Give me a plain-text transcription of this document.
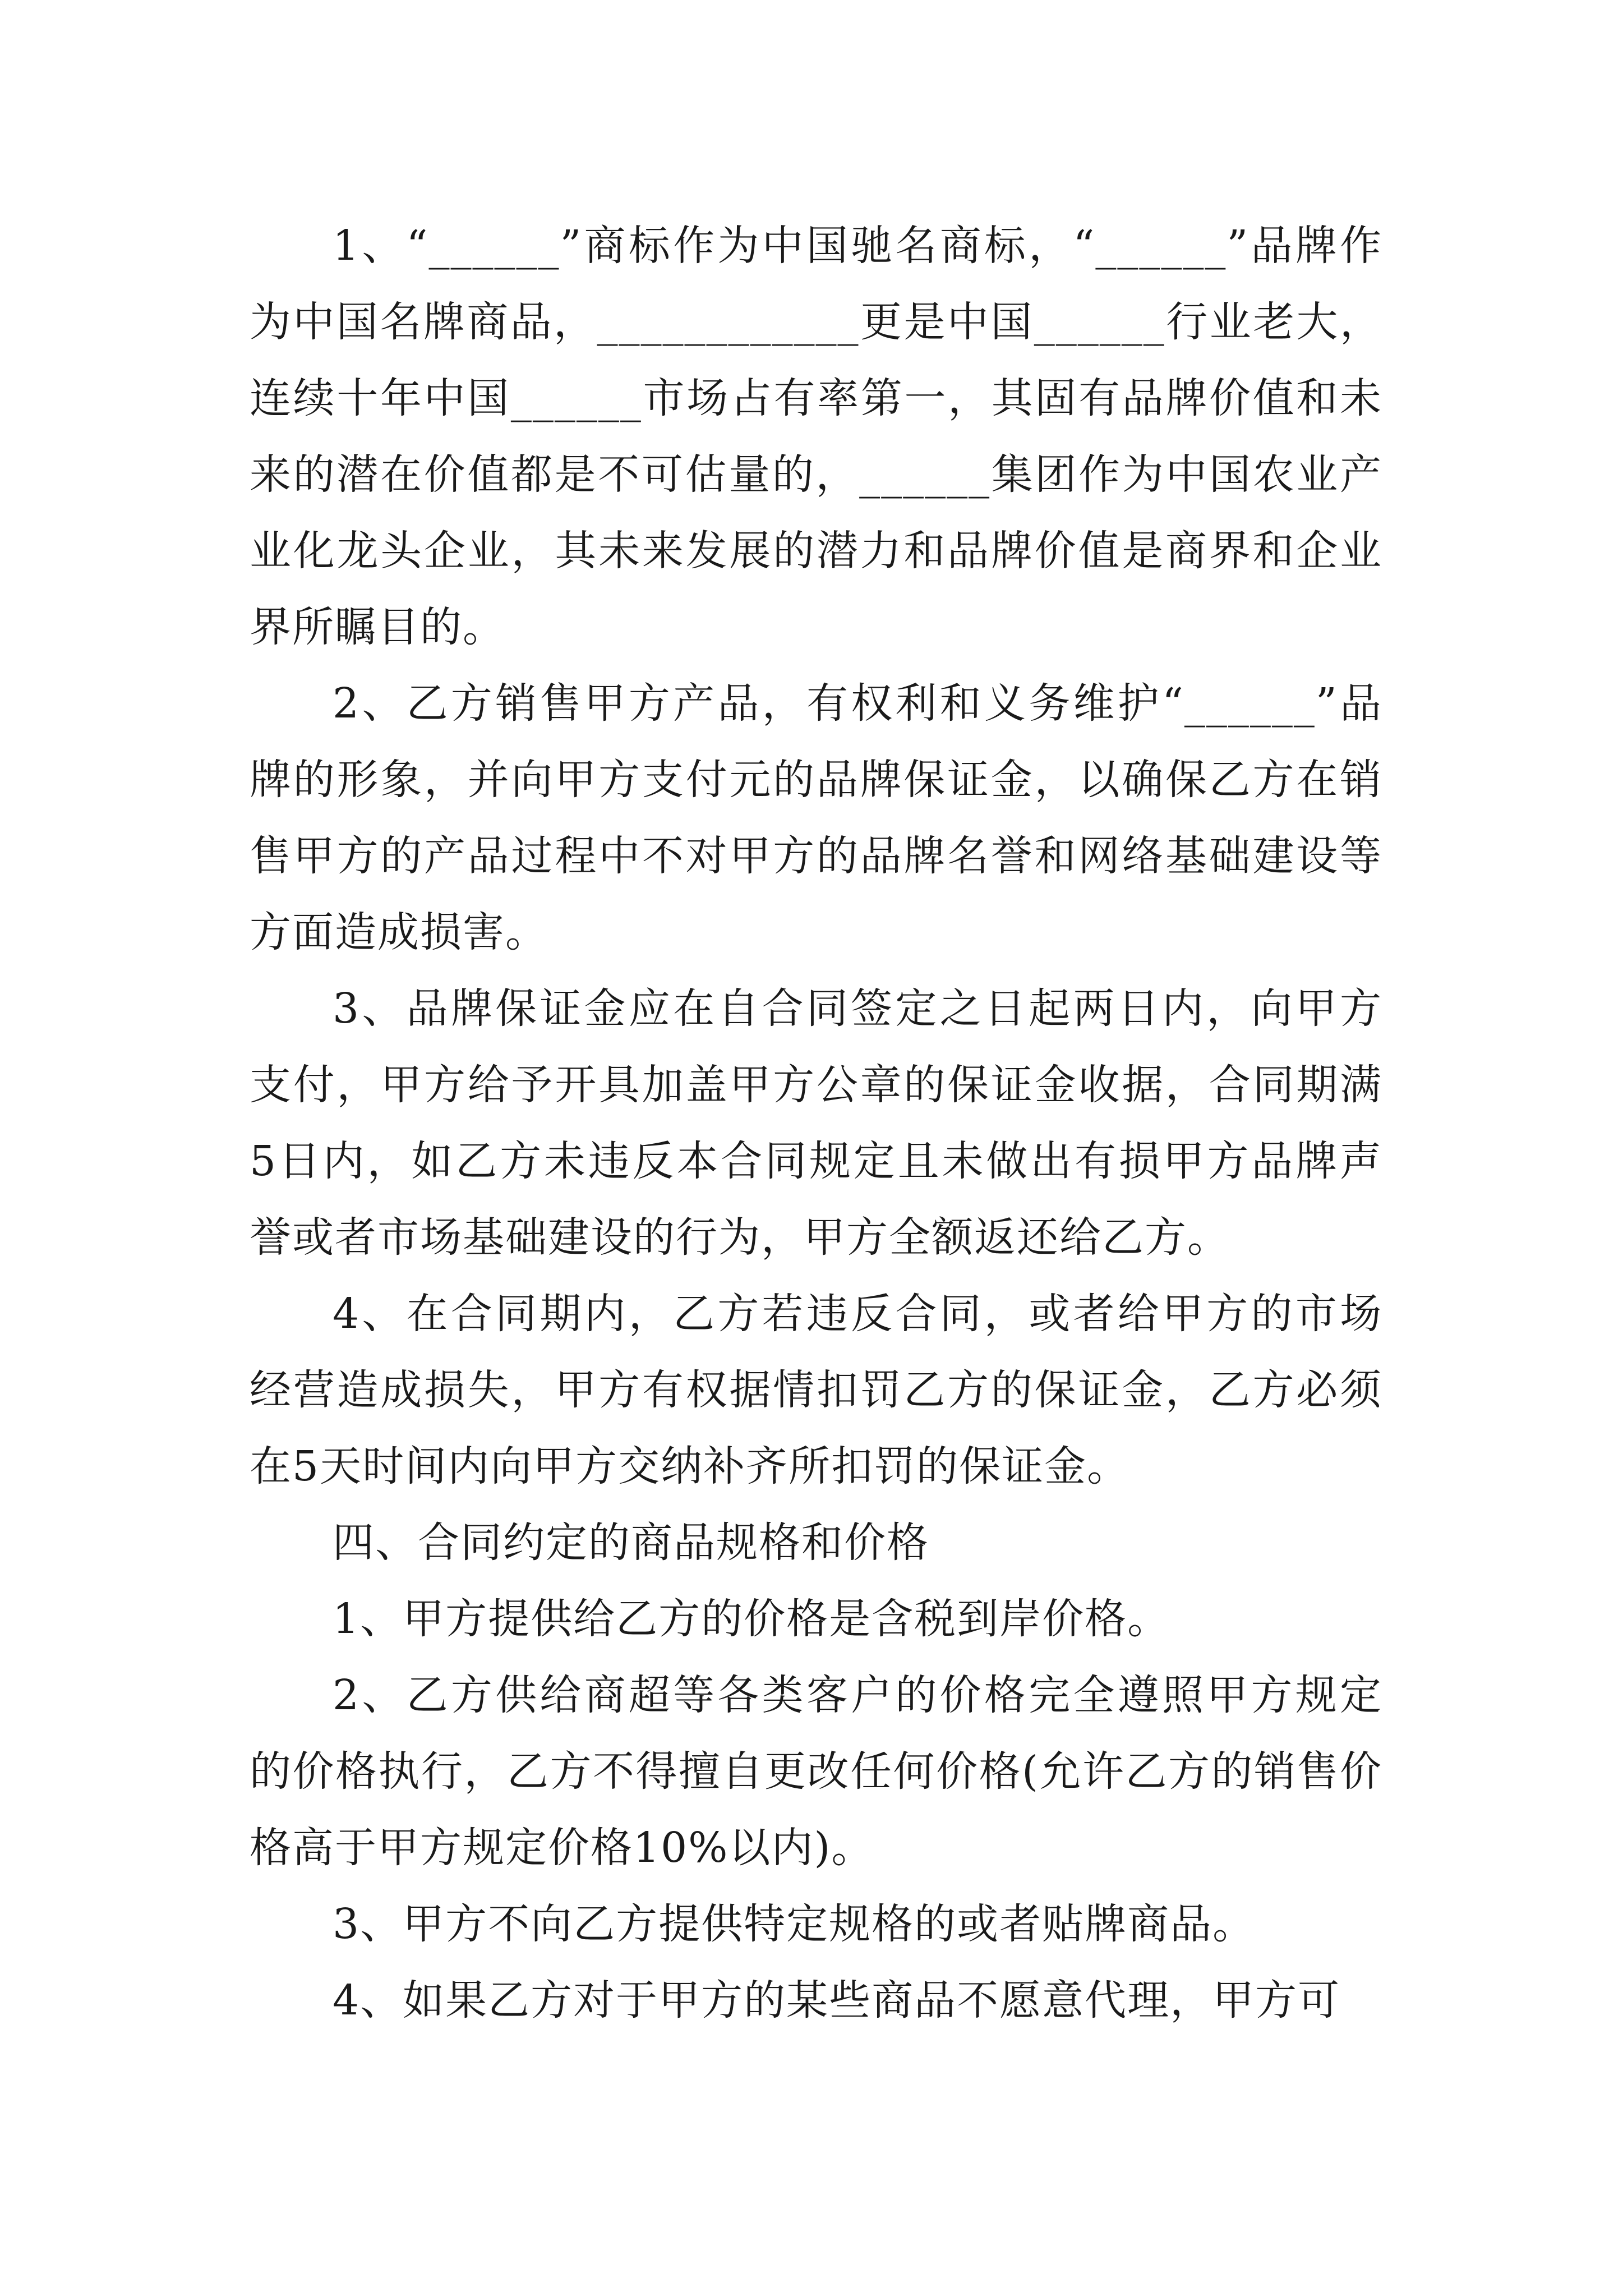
1、“______”商标作为中国驰名商标，“______”品牌作为中国名牌商品，____________更是中国______行业老大，连续十年中国______市场占有率第一，其固有品牌价值和未来的潜在价值都是不可估量的，______集团作为中国农业产业化龙头企业，其未来发展的潜力和品牌价值是商界和企业界所瞩目的。

2、乙方销售甲方产品，有权利和义务维护“______”品牌的形象，并向甲方支付元的品牌保证金，以确保乙方在销售甲方的产品过程中不对甲方的品牌名誉和网络基础建设等方面造成损害。

3、品牌保证金应在自合同签定之日起两日内，向甲方支付，甲方给予开具加盖甲方公章的保证金收据，合同期满5日内，如乙方未违反本合同规定且未做出有损甲方品牌声誉或者市场基础建设的行为，甲方全额返还给乙方。

4、在合同期内，乙方若违反合同，或者给甲方的市场经营造成损失，甲方有权据情扣罚乙方的保证金，乙方必须在5天时间内向甲方交纳补齐所扣罚的保证金。

四、合同约定的商品规格和价格

1、甲方提供给乙方的价格是含税到岸价格。

2、乙方供给商超等各类客户的价格完全遵照甲方规定的价格执行，乙方不得擅自更改任何价格(允许乙方的销售价格高于甲方规定价格10%以内)。

3、甲方不向乙方提供特定规格的或者贴牌商品。

4、如果乙方对于甲方的某些商品不愿意代理，甲方可
